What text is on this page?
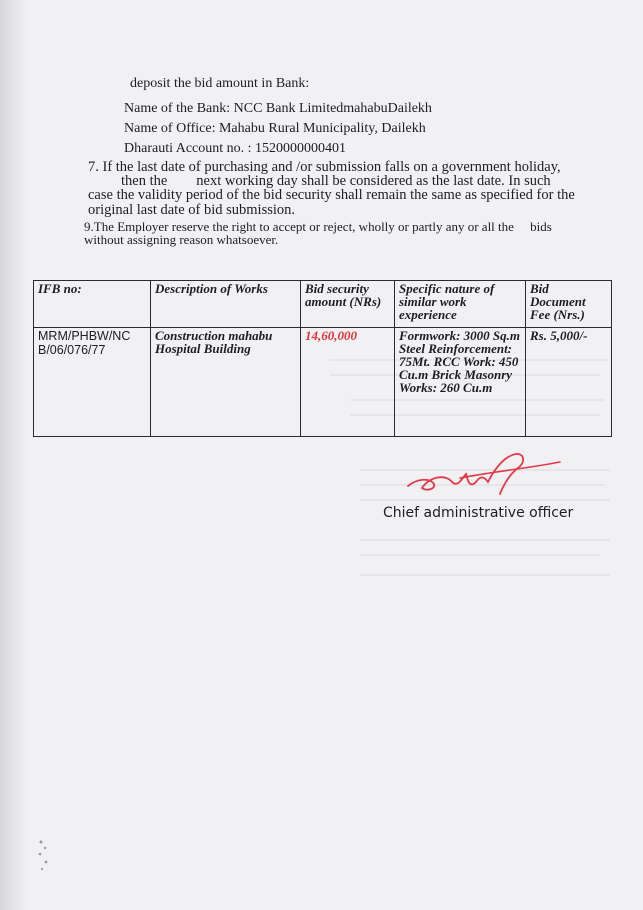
deposit the bid amount in Bank:
Name of the Bank: NCC Bank LimitedmahabuDailekh
Name of Office: Mahabu Rural Municipality, Dailekh
Dharauti Account no. : 1520000000401
7. If the last date of purchasing and /or submission falls on a government holiday,
then the        next working day shall be considered as the last date. In such
case the validity period of the bid security shall remain the same as specified for the
original last date of bid submission.
9.The Employer reserve the right to accept or reject, wholly or partly any or all the     bids
without assigning reason whatsoever.
IFB no:	Description of Works	Bid security amount (NRs)	Specific nature of similar work experience	Bid Document Fee (Nrs.)
MRM/PHBW/NC B/06/076/77	Construction mahabu Hospital Building	14,60,000	Formwork: 3000 Sq.m Steel Reinforcement: 75Mt. RCC Work: 450 Cu.m Brick Masonry Works: 260 Cu.m	Rs. 5,000/-
Chief administrative officer
